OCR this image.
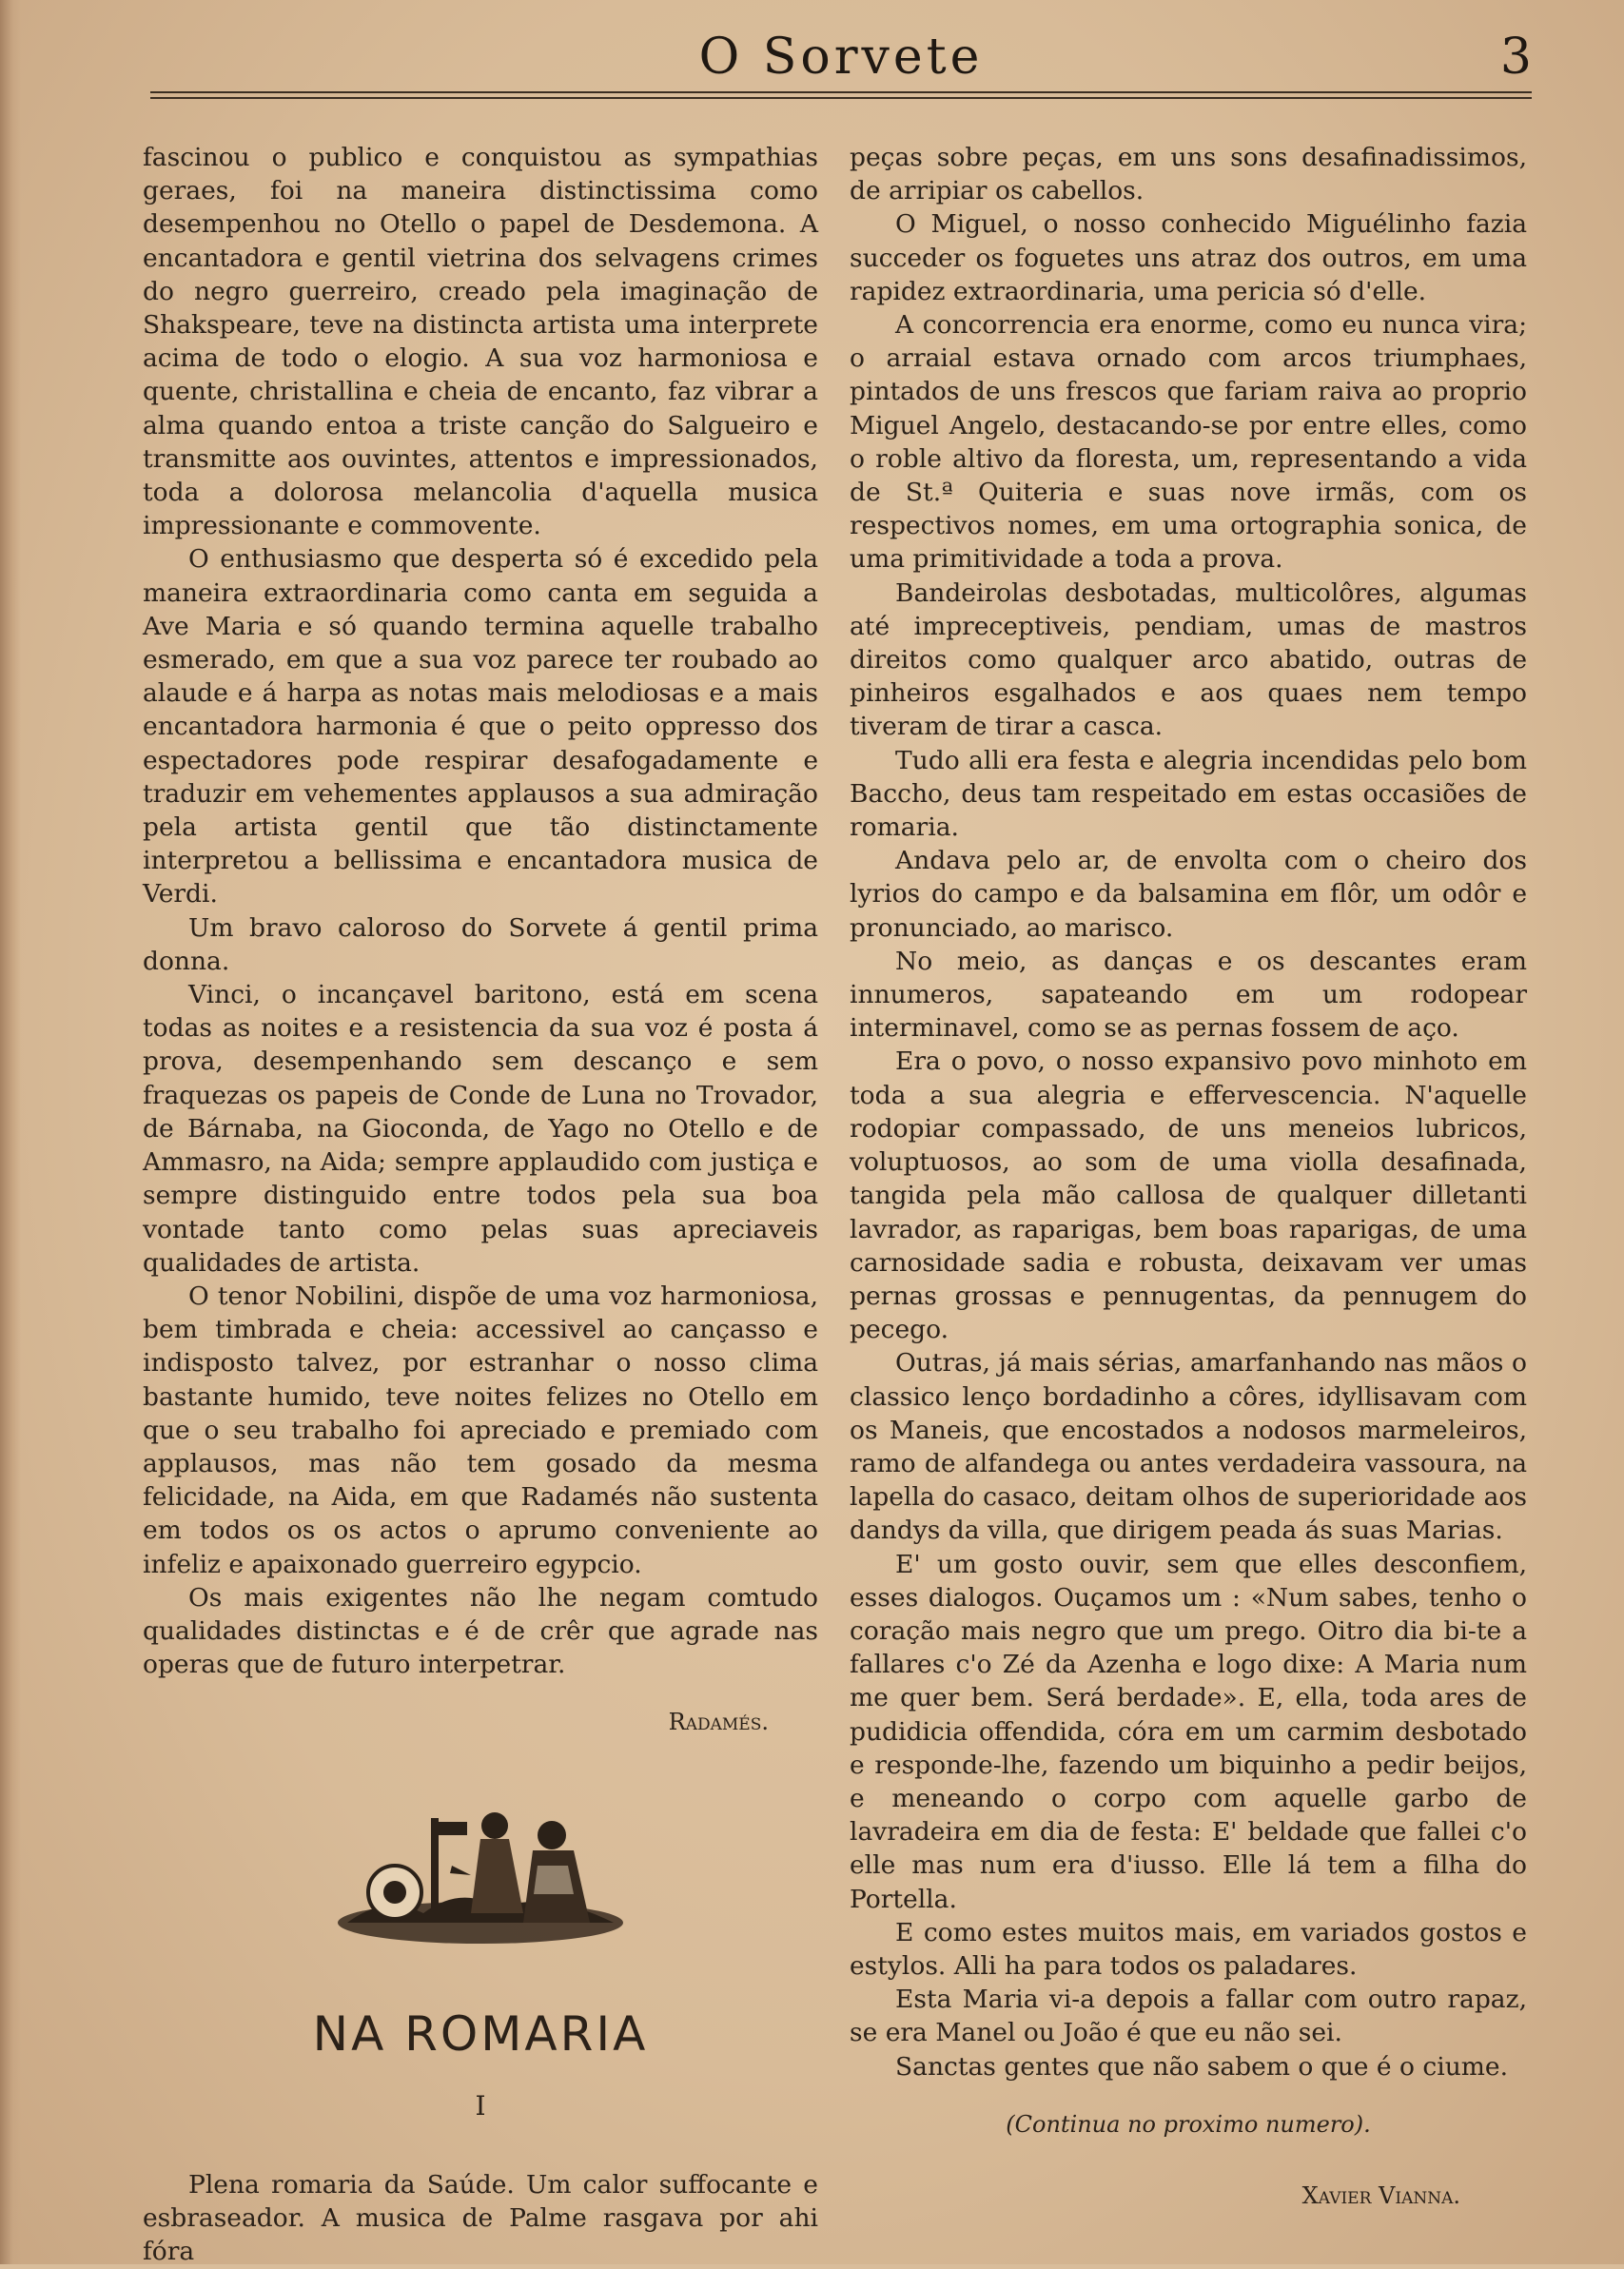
O Sorvete	3

fascinou o publico e conquistou as sympathias geraes, foi na maneira distinctissima como desempenhou no Otello o papel de Desdemona. A encantadora e gentil vietrina dos selvagens crimes do negro guerreiro, creado pela imaginação de Shakspeare, teve na distincta artista uma interprete acima de todo o elogio. A sua voz harmoniosa e quente, christallina e cheia de encanto, faz vibrar a alma quando entoa a triste canção do Salgueiro e transmitte aos ouvintes, attentos e impressionados, toda a dolorosa melancolia d'aquella musica impressionante e commovente.

O enthusiasmo que desperta só é excedido pela maneira extraordinaria como canta em seguida a Ave Maria e só quando termina aquelle trabalho esmerado, em que a sua voz parece ter roubado ao alaude e á harpa as notas mais melodiosas e a mais encantadora harmonia é que o peito oppresso dos espectadores pode respirar desafogadamente e traduzir em vehementes applausos a sua admiração pela artista gentil que tão distinctamente interpretou a bellissima e encantadora musica de Verdi.

Um bravo caloroso do Sorvete á gentil prima donna.

Vinci, o incançavel baritono, está em scena todas as noites e a resistencia da sua voz é posta á prova, desempenhando sem descanço e sem fraquezas os papeis de Conde de Luna no Trovador, de Bárnaba, na Gioconda, de Yago no Otello e de Ammasro, na Aida; sempre applaudido com justiça e sempre distinguido entre todos pela sua boa vontade tanto como pelas suas apreciaveis qualidades de artista.

O tenor Nobilini, dispõe de uma voz harmoniosa, bem timbrada e cheia: accessivel ao cançasso e indisposto talvez, por estranhar o nosso clima bastante humido, teve noites felizes no Otello em que o seu trabalho foi apreciado e premiado com applausos, mas não tem gosado da mesma felicidade, na Aida, em que Radamés não sustenta em todos os os actos o aprumo conveniente ao infeliz e apaixonado guerreiro egypcio.

Os mais exigentes não lhe negam comtudo qualidades distinctas e é de crêr que agrade nas operas que de futuro interpetrar.

Radamés.
NA ROMARIA
I

Plena romaria da Saúde. Um calor suffocante e esbraseador. A musica de Palme rasgava por ahi fóra

peças sobre peças, em uns sons desafinadissimos, de arripiar os cabellos.

O Miguel, o nosso conhecido Miguélinho fazia succeder os foguetes uns atraz dos outros, em uma rapidez extraordinaria, uma pericia só d'elle.

A concorrencia era enorme, como eu nunca vira; o arraial estava ornado com arcos triumphaes, pintados de uns frescos que fariam raiva ao proprio Miguel Angelo, destacando-se por entre elles, como o roble altivo da floresta, um, representando a vida de St.ª Quiteria e suas nove irmãs, com os respectivos nomes, em uma ortographia sonica, de uma primitividade a toda a prova.

Bandeirolas desbotadas, multicolôres, algumas até impreceptiveis, pendiam, umas de mastros direitos como qualquer arco abatido, outras de pinheiros esgalhados e aos quaes nem tempo tiveram de tirar a casca.

Tudo alli era festa e alegria incendidas pelo bom Baccho, deus tam respeitado em estas occasiões de romaria.

Andava pelo ar, de envolta com o cheiro dos lyrios do campo e da balsamina em flôr, um odôr e pronunciado, ao marisco.

No meio, as danças e os descantes eram innumeros, sapateando em um rodopear interminavel, como se as pernas fossem de aço.

Era o povo, o nosso expansivo povo minhoto em toda a sua alegria e effervescencia. N'aquelle rodopiar compassado, de uns meneios lubricos, voluptuosos, ao som de uma violla desafinada, tangida pela mão callosa de qualquer dilletanti lavrador, as raparigas, bem boas raparigas, de uma carnosidade sadia e robusta, deixavam ver umas pernas grossas e pennugentas, da pennugem do pecego.

Outras, já mais sérias, amarfanhando nas mãos o classico lenço bordadinho a côres, idyllisavam com os Maneis, que encostados a nodosos marmeleiros, ramo de alfandega ou antes verdadeira vassoura, na lapella do casaco, deitam olhos de superioridade aos dandys da villa, que dirigem peada ás suas Marias.

E' um gosto ouvir, sem que elles desconfiem, esses dialogos. Ouçamos um : «Num sabes, tenho o coração mais negro que um prego. Oitro dia bi-te a fallares c'o Zé da Azenha e logo dixe: A Maria num me quer bem. Será berdade». E, ella, toda ares de pudidicia offendida, córa em um carmim desbotado e responde-lhe, fazendo um biquinho a pedir beijos, e meneando o corpo com aquelle garbo de lavradeira em dia de festa: E' beldade que fallei c'o elle mas num era d'iusso. Elle lá tem a filha do Portella.

E como estes muitos mais, em variados gostos e estylos. Alli ha para todos os paladares.

Esta Maria vi-a depois a fallar com outro rapaz, se era Manel ou João é que eu não sei.

Sanctas gentes que não sabem o que é o ciume.

(Continua no proximo numero).
Xavier Vianna.
